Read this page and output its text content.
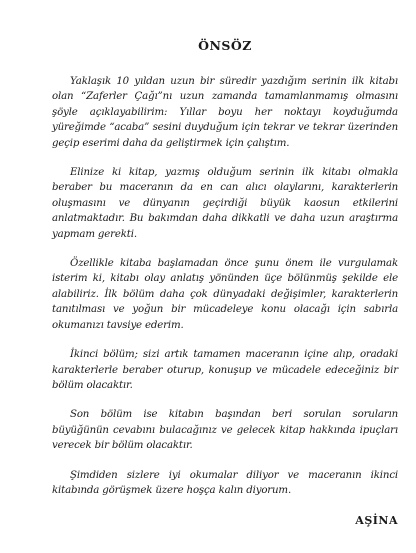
ÖNSÖZ

Yaklaşık 10 yıldan uzun bir süredir yazdığım serinin ilk kitabı olan “Zaferler Çağı”nı uzun zamanda tamamlanmamış olmasını şöyle açıklayabilirim: Yıllar boyu her noktayı koyduğumda yüreğimde “acaba” sesini duyduğum için tekrar ve tekrar üzerinden geçip eserimi daha da geliştirmek için çalıştım.

Elinize ki kitap, yazmış olduğum serinin ilk kitabı olmakla beraber bu maceranın da en can alıcı olaylarını, karakterlerin oluşmasını ve dünyanın geçirdiği büyük kaosun etkilerini anlatmaktadır. Bu bakımdan daha dikkatli ve daha uzun araştırma yapmam gerekti.

Özellikle kitaba başlamadan önce şunu önem ile vurgulamak isterim ki, kitabı olay anlatış yönünden üçe bölünmüş şekilde ele alabiliriz. İlk bölüm daha çok dünyadaki değişimler, karakterlerin tanıtılması ve yoğun bir mücadeleye konu olacağı için sabırla okumanızı tavsiye ederim.

İkinci bölüm; sizi artık tamamen maceranın içine alıp, oradaki karakterlerle beraber oturup, konuşup ve mücadele edeceğiniz bir bölüm olacaktır.

Son bölüm ise kitabın başından beri sorulan soruların büyüğünün cevabını bulacağınız ve gelecek kitap hakkında ipuçları verecek bir bölüm olacaktır.

Şimdiden sizlere iyi okumalar diliyor ve maceranın ikinci kitabında görüşmek üzere hoşça kalın diyorum.

AŞİNA
